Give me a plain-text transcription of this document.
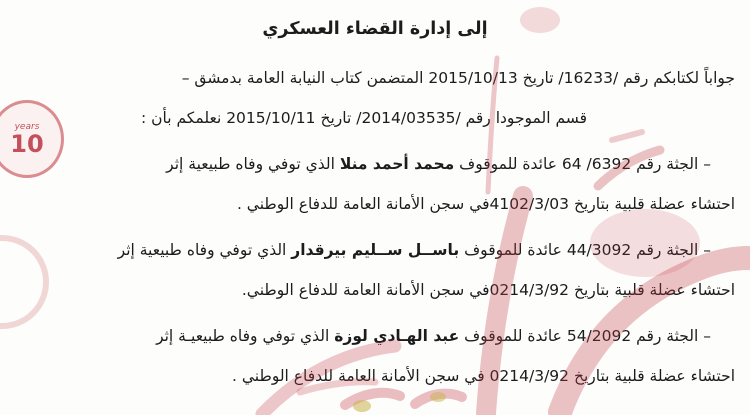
إلى إدارة القضاء العسكري
جواباً لكتابكم رقم /16233/ تاريخ 2015/10/13 المتضمن كتاب النيابة العامة بدمشق –
قسم الموجودا رقم /2014/03535/ تاريخ 2015/10/11 نعلمكم بأن :
– الجثة رقم 6392/ 64 عائدة للموقوف محمد أحمد منلا الذي توفي وفاه طبيعية إثر
احتشاء عضلة قلبية بتاريخ 4102/3/03في سجن الأمانة العامة للدفاع الوطني .
– الجثة رقم 44/3092 عائدة للموقوف باســل ســليم بيرقدار الذي توفي وفاه طبيعية إثر
احتشاء عضلة قلبية بتاريخ 0214/3/92في سجن الأمانة العامة للدفاع الوطني.
– الجثة رقم 54/2092 عائدة للموقوف عبد الهـادي لوزة الذي توفي وفاه طبيعيـة إثر
احتشاء عضلة قلبية بتاريخ 0214/3/92 في سجن الأمانة العامة للدفاع الوطني .
years
10
